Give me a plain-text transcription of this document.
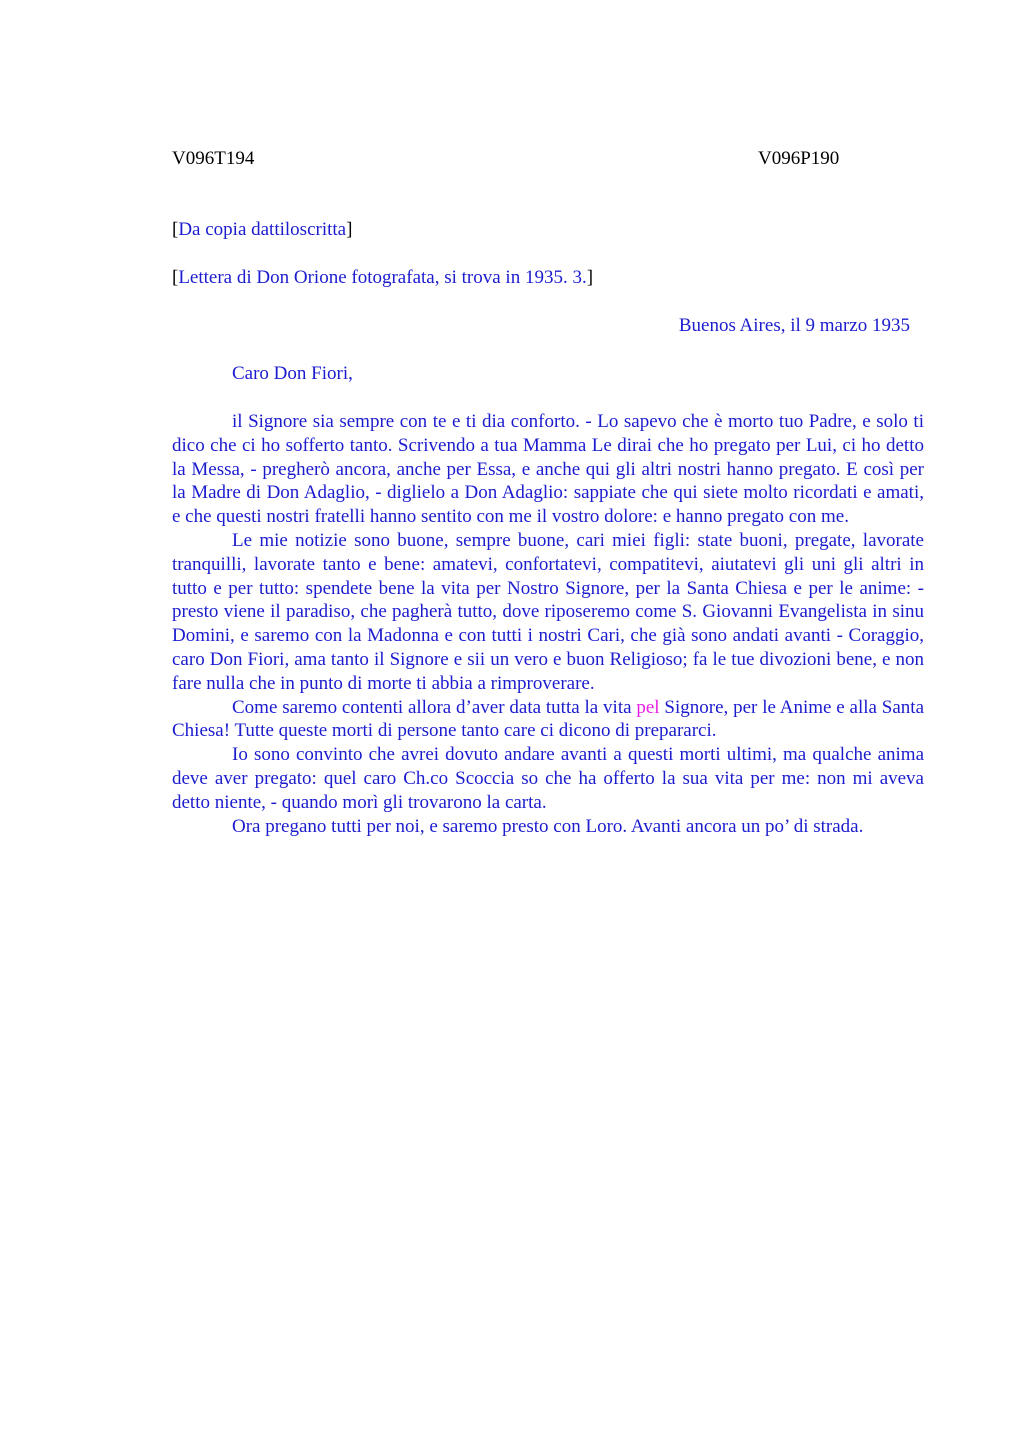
V096T194	V096P190
[Da copia dattiloscritta]
[Lettera di Don Orione fotografata, si trova in 1935. 3.]
Buenos Aires, il 9 marzo 1935
Caro Don Fiori,

il Signore sia sempre con te e ti dia conforto. - Lo sapevo che è morto tuo Padre, e solo ti dico che ci ho sofferto tanto. Scrivendo a tua Mamma Le dirai che ho pregato per Lui, ci ho detto la Messa, - pregherò ancora, anche per Essa, e anche qui gli altri nostri hanno pregato. E così per la Madre di Don Adaglio, - diglielo a Don Adaglio: sappiate che qui siete molto ricordati e amati, e che questi nostri fratelli hanno sentito con me il vostro dolore: e hanno pregato con me.

Le mie notizie sono buone, sempre buone, cari miei figli: state buoni, pregate, lavorate tranquilli, lavorate tanto e bene: amatevi, confortatevi, compatitevi, aiutatevi gli uni gli altri in tutto e per tutto: spendete bene la vita per Nostro Signore, per la Santa Chiesa e per le anime: - presto viene il paradiso, che pagherà tutto, dove riposeremo come S. Giovanni Evangelista in sinu Domini, e saremo con la Madonna e con tutti i nostri Cari, che già sono andati avanti - Coraggio, caro Don Fiori, ama tanto il Signore e sii un vero e buon Religioso; fa le tue divozioni bene, e non fare nulla che in punto di morte ti abbia a rimproverare.

Come saremo contenti allora d’aver data tutta la vita pel Signore, per le Anime e alla Santa Chiesa! Tutte queste morti di persone tanto care ci dicono di prepararci.

Io sono convinto che avrei dovuto andare avanti a questi morti ultimi, ma qualche anima deve aver pregato: quel caro Ch.co Scoccia so che ha offerto la sua vita per me: non mi aveva detto niente, - quando morì gli trovarono la carta.

Ora pregano tutti per noi, e saremo presto con Loro. Avanti ancora un po’ di strada.
